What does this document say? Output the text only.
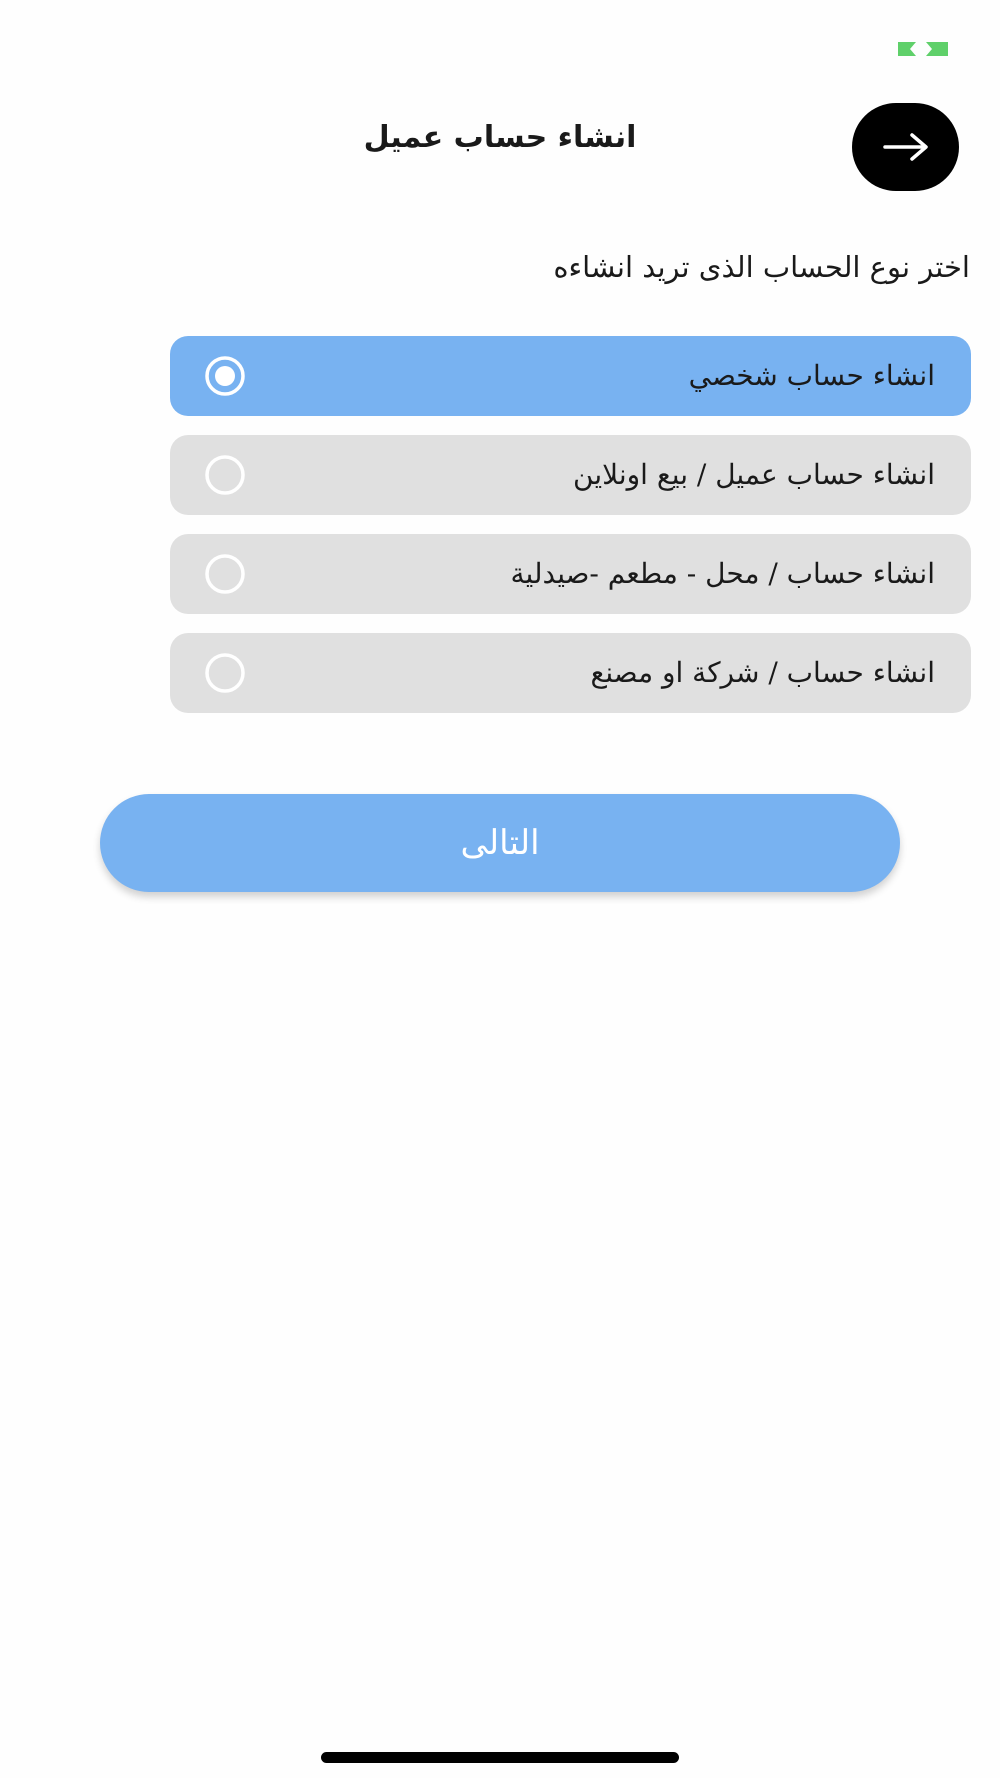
انشاء حساب عميل
اختر نوع الحساب الذى تريد انشاءه
انشاء حساب شخصي
انشاء حساب عميل / بيع اونلاين
انشاء حساب / محل - مطعم -صيدلية
انشاء حساب / شركة او مصنع
التالى
